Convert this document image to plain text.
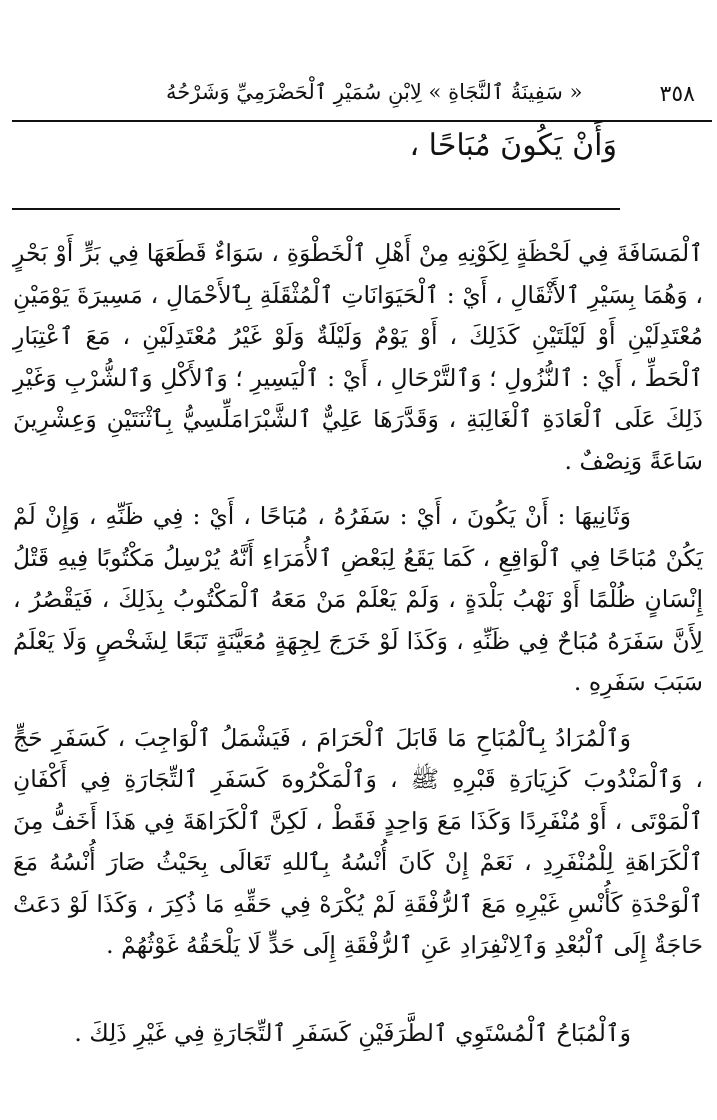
٣٥٨
« سَفِينَةُ ٱلنَّجَاةِ » لِابْنِ سُمَيْرِ ٱلْحَضْرَمِيِّ وَشَرْحُهُ
وَأَنْ يَكُونَ مُبَاحًا ،

ٱلْمَسَافَةَ فِي لَحْظَةٍ لِكَوْنِهِ مِنْ أَهْلِ ٱلْخَطْوَةِ ، سَوَاءٌ قَطَعَهَا فِي بَرٍّ أَوْ بَحْرٍ ، وَهُمَا بِسَيْرِ ٱلأَثْقَالِ ، أَيْ : ٱلْحَيَوَانَاتِ ٱلْمُثْقَلَةِ بِٱلأَحْمَالِ ، مَسِيرَةَ يَوْمَيْنِ مُعْتَدِلَيْنِ أَوْ لَيْلَتَيْنِ كَذَلِكَ ، أَوْ يَوْمٌ وَلَيْلَةٌ وَلَوْ غَيْرُ مُعْتَدِلَيْنِ ، مَعَ ٱعْتِبَارِ ٱلْحَطِّ ، أَيْ : ٱلنُّزُولِ ؛ وَٱلتَّرْحَالِ ، أَيْ : ٱلْيَسِيرِ ؛ وَٱلأَكْلِ وَٱلشُّرْبِ وَغَيْرِ ذَلِكَ عَلَى ٱلْعَادَةِ ٱلْغَالِبَةِ ، وَقَدَّرَهَا عَلِيٌّ ٱلشَّبْرَامَلِّسِيُّ بِٱثْنَتَيْنِ وَعِشْرِينَ سَاعَةً وَنِصْفٌ .

وَثَانِيهَا : أَنْ يَكُونَ ، أَيْ : سَفَرُهُ ، مُبَاحًا ، أَيْ : فِي ظَنِّهِ ، وَإِنْ لَمْ يَكُنْ مُبَاحًا فِي ٱلْوَاقِعِ ، كَمَا يَقَعُ لِبَعْضِ ٱلأُمَرَاءِ أَنَّهُ يُرْسِلُ مَكْتُوبًا فِيهِ قَتْلُ إِنْسَانٍ ظُلْمًا أَوْ نَهْبُ بَلْدَةٍ ، وَلَمْ يَعْلَمْ مَنْ مَعَهُ ٱلْمَكْتُوبُ بِذَلِكَ ، فَيَقْصُرُ ، لِأَنَّ سَفَرَهُ مُبَاحٌ فِي ظَنِّهِ ، وَكَذَا لَوْ خَرَجَ لِجِهَةٍ مُعَيَّنَةٍ تَبَعًا لِشَخْصٍ وَلَا يَعْلَمُ سَبَبَ سَفَرِهِ .

وَٱلْمُرَادُ بِٱلْمُبَاحِ مَا قَابَلَ ٱلْحَرَامَ ، فَيَشْمَلُ ٱلْوَاجِبَ ، كَسَفَرِ حَجٍّ ، وَٱلْمَنْدُوبَ كَزِيَارَةِ قَبْرِهِ ﷺ ، وَٱلْمَكْرُوهَ كَسَفَرِ ٱلتِّجَارَةِ فِي أَكْفَانِ ٱلْمَوْتَى ، أَوْ مُنْفَرِدًا وَكَذَا مَعَ وَاحِدٍ فَقَطْ ، لَكِنَّ ٱلْكَرَاهَةَ فِي هَذَا أَخَفُّ مِنَ ٱلْكَرَاهَةِ لِلْمُنْفَرِدِ ، نَعَمْ إِنْ كَانَ أُنْسُهُ بِٱللهِ تَعَالَى بِحَيْثُ صَارَ أُنْسُهُ مَعَ ٱلْوَحْدَةِ كَأُنْسِ غَيْرِهِ مَعَ ٱلرُّفْقَةِ لَمْ يُكْرَهْ فِي حَقِّهِ مَا ذُكِرَ ، وَكَذَا لَوْ دَعَتْ حَاجَةٌ إِلَى ٱلْبُعْدِ وَٱلِانْفِرَادِ عَنِ ٱلرُّفْقَةِ إِلَى حَدٍّ لَا يَلْحَقُهُ غَوْثُهُمْ .

وَٱلْمُبَاحُ ٱلْمُسْتَوِي ٱلطَّرَفَيْنِ كَسَفَرِ ٱلتِّجَارَةِ فِي غَيْرِ ذَلِكَ .
